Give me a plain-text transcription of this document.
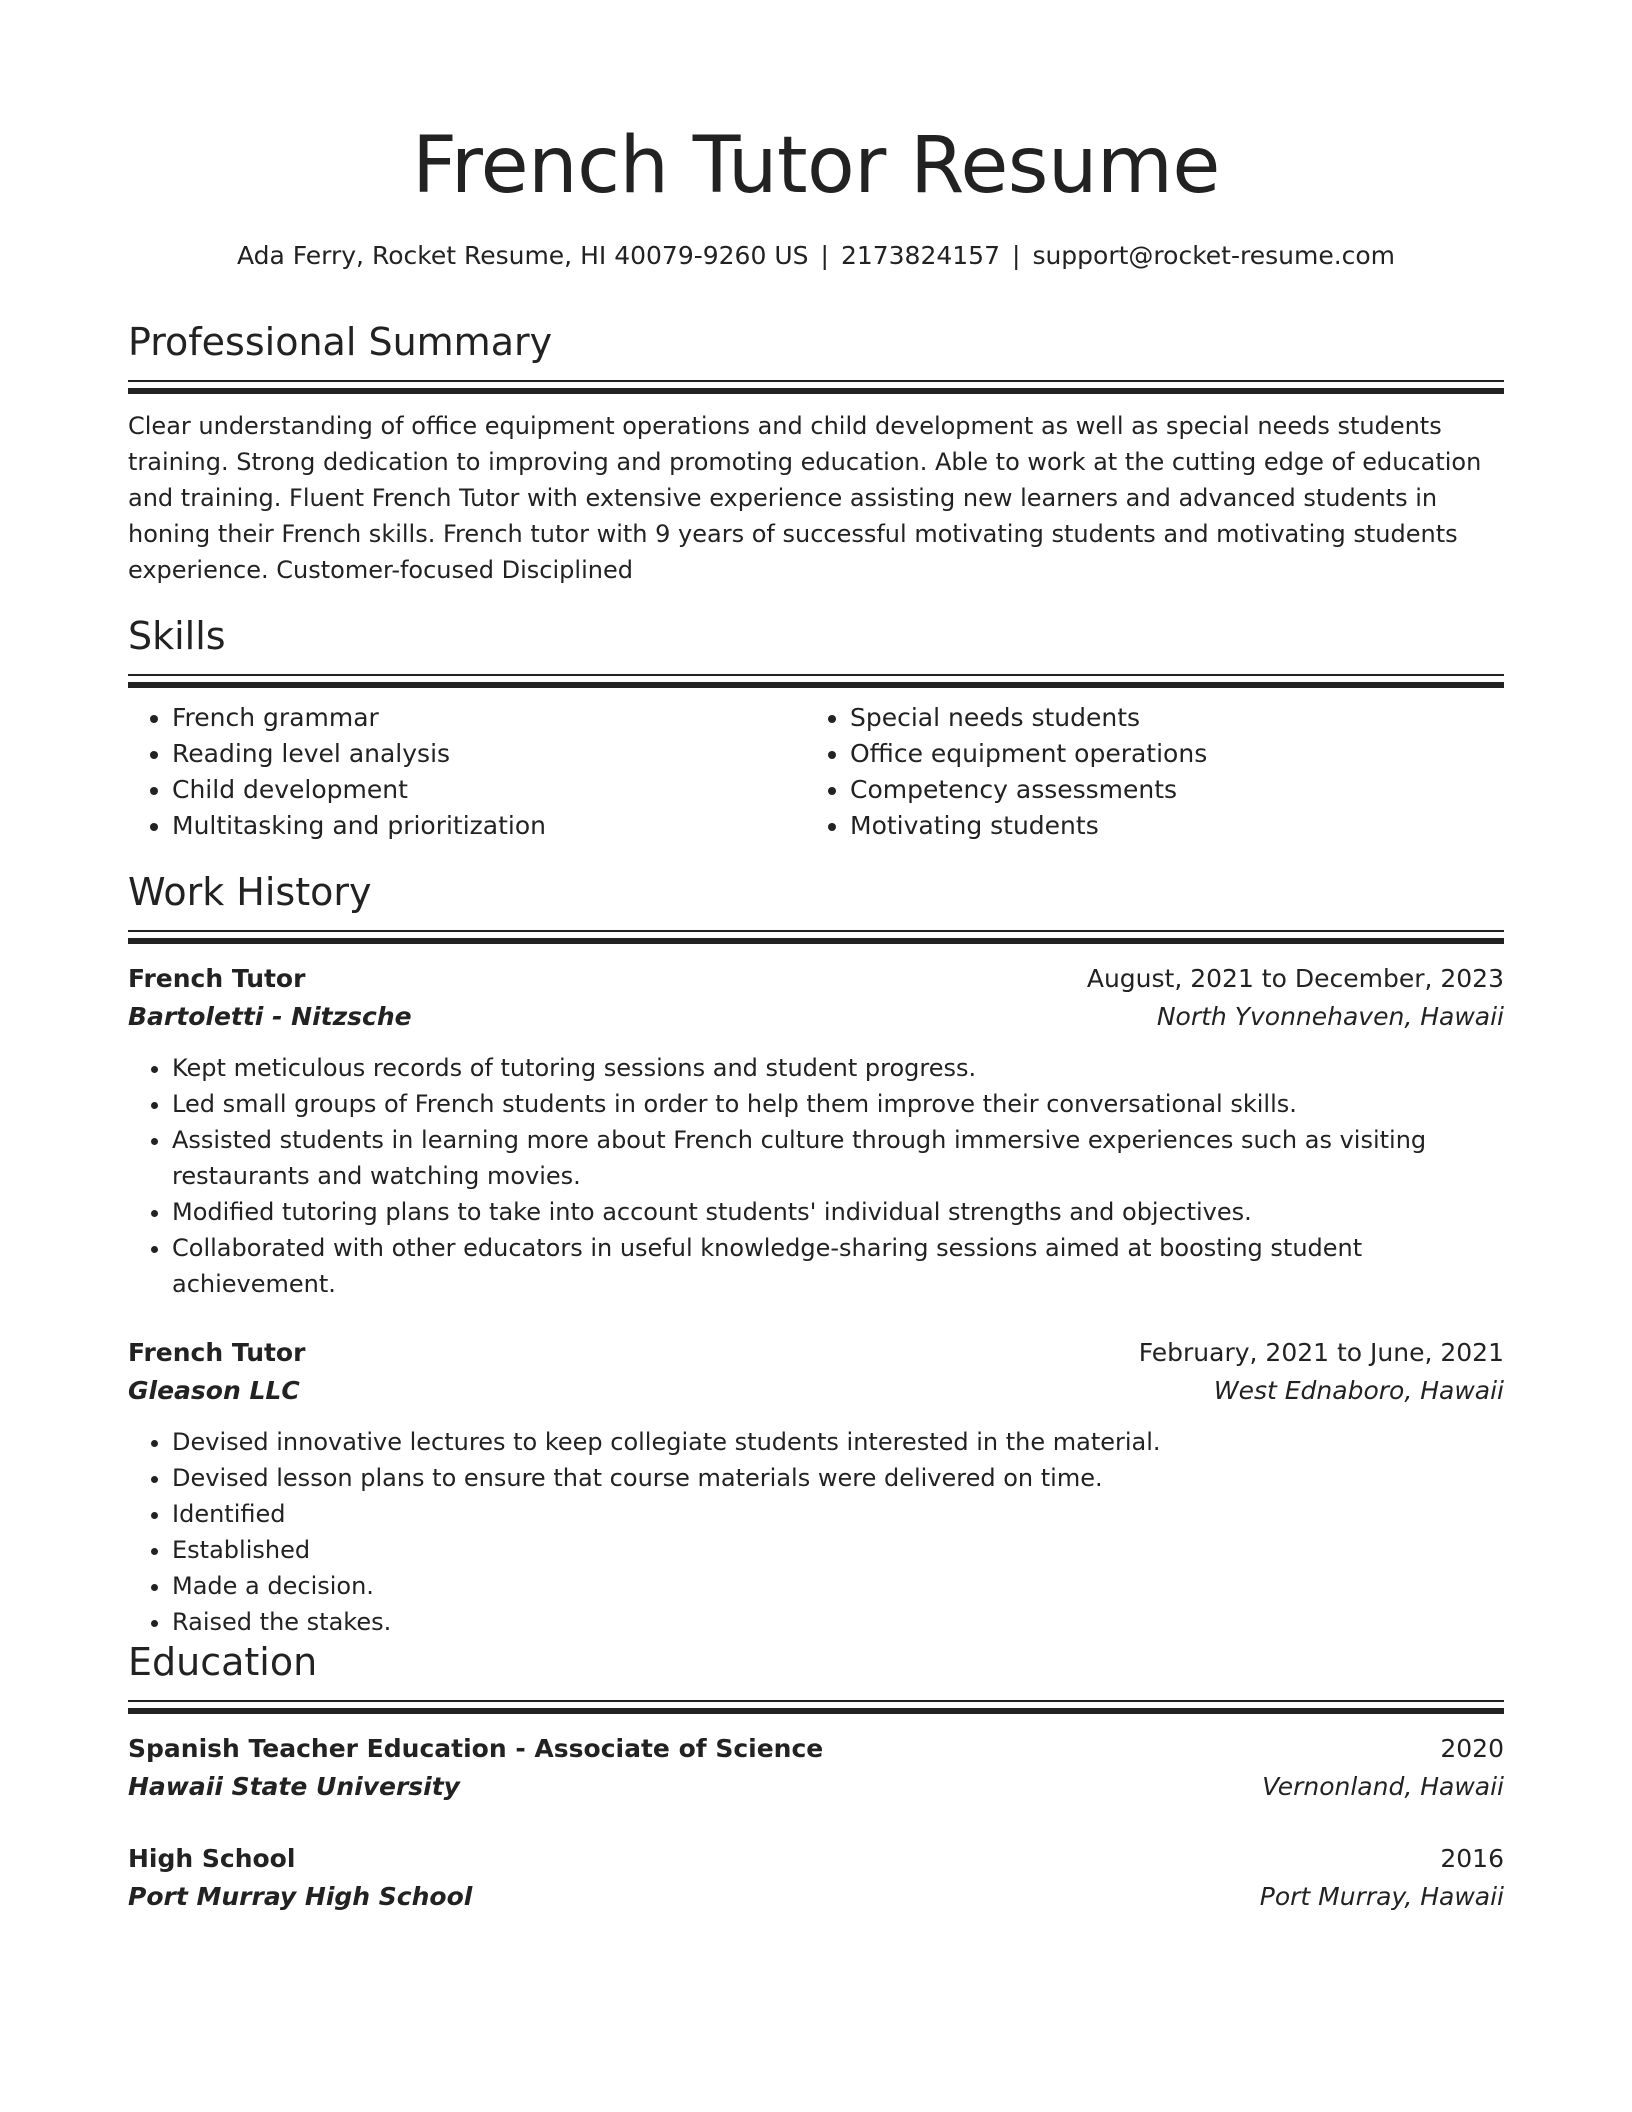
French Tutor Resume
Ada Ferry, Rocket Resume, HI 40079-9260 US | 2173824157 | support@rocket-resume.com
Professional Summary
Clear understanding of office equipment operations and child development as well as special needs students training. Strong dedication to improving and promoting education. Able to work at the cutting edge of education and training. Fluent French Tutor with extensive experience assisting new learners and advanced students in honing their French skills. French tutor with 9 years of successful motivating students and motivating students experience. Customer-focused Disciplined
Skills
• French grammar
• Reading level analysis
• Child development
• Multitasking and prioritization
• Special needs students
• Office equipment operations
• Competency assessments
• Motivating students
Work History
French Tutor	August, 2021 to December, 2023
Bartoletti - Nitzsche	North Yvonnehaven, Hawaii
• Kept meticulous records of tutoring sessions and student progress.
• Led small groups of French students in order to help them improve their conversational skills.
• Assisted students in learning more about French culture through immersive experiences such as visiting restaurants and watching movies.
• Modified tutoring plans to take into account students' individual strengths and objectives.
• Collaborated with other educators in useful knowledge-sharing sessions aimed at boosting student achievement.
French Tutor	February, 2021 to June, 2021
Gleason LLC	West Ednaboro, Hawaii
• Devised innovative lectures to keep collegiate students interested in the material.
• Devised lesson plans to ensure that course materials were delivered on time.
• Identified
• Established
• Made a decision.
• Raised the stakes.
Education
Spanish Teacher Education - Associate of Science	2020
Hawaii State University	Vernonland, Hawaii
High School	2016
Port Murray High School	Port Murray, Hawaii
